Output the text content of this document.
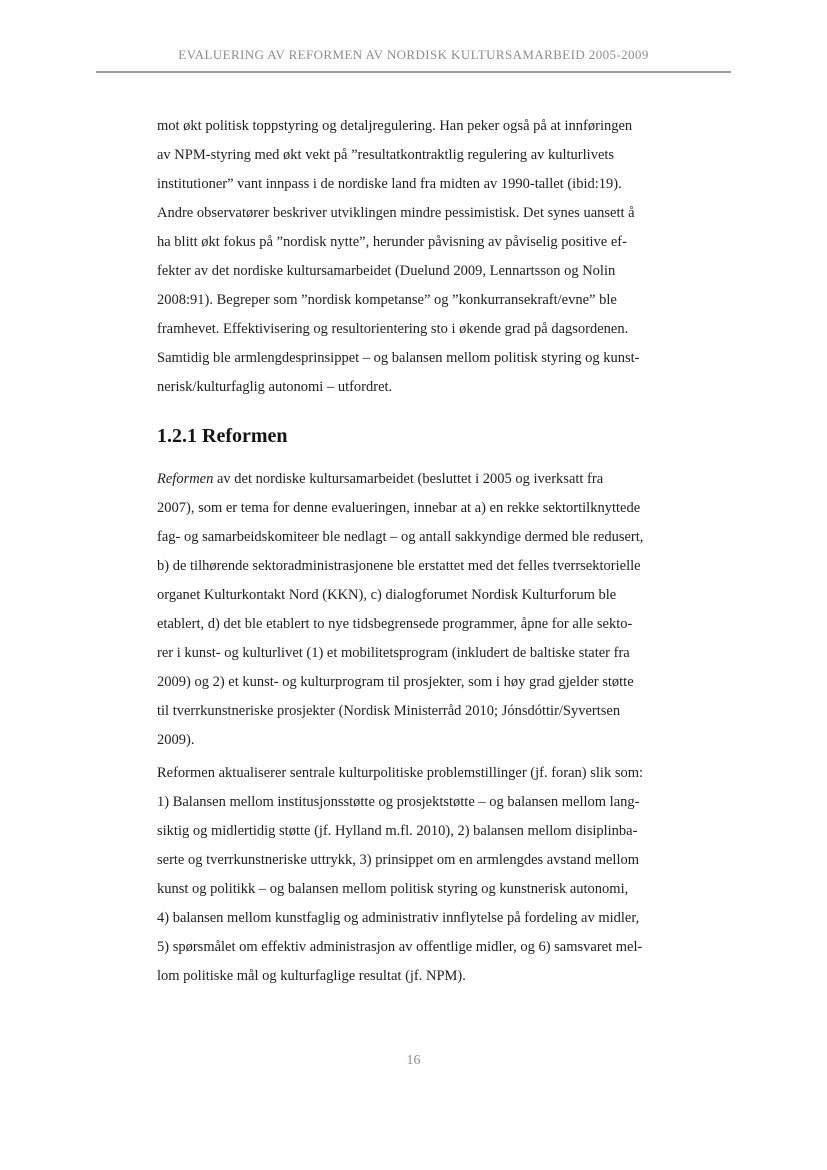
EVALUERING AV REFORMEN AV NORDISK KULTURSAMARBEID 2005-2009
mot økt politisk toppstyring og detaljregulering. Han peker også på at innføringen
av NPM-styring med økt vekt på ”resultatkontraktlig regulering av kulturlivets
institutioner” vant innpass i de nordiske land fra midten av 1990-tallet (ibid:19).
Andre observatører beskriver utviklingen mindre pessimistisk. Det synes uansett å
ha blitt økt fokus på ”nordisk nytte”, herunder påvisning av påviselig positive ef-
fekter av det nordiske kultursamarbeidet (Duelund 2009, Lennartsson og Nolin
2008:91). Begreper som ”nordisk kompetanse” og ”konkurransekraft/evne” ble
framhevet. Effektivisering og resultorientering sto i økende grad på dagsordenen.
Samtidig ble armlengdesprinsippet – og balansen mellom politisk styring og kunst-
nerisk/kulturfaglig autonomi – utfordret.
1.2.1 Reformen
Reformen av det nordiske kultursamarbeidet (besluttet i 2005 og iverksatt fra
2007), som er tema for denne evalueringen, innebar at a) en rekke sektortilknyttede
fag- og samarbeidskomiteer ble nedlagt – og antall sakkyndige dermed ble redusert,
b) de tilhørende sektoradministrasjonene ble erstattet med det felles tverrsektorielle
organet Kulturkontakt Nord (KKN), c) dialogforumet Nordisk Kulturforum ble
etablert, d) det ble etablert to nye tidsbegrensede programmer, åpne for alle sekto-
rer i kunst- og kulturlivet (1) et mobilitetsprogram (inkludert de baltiske stater fra
2009) og 2) et kunst- og kulturprogram til prosjekter, som i høy grad gjelder støtte
til tverrkunstneriske prosjekter (Nordisk Ministerråd 2010; Jónsdóttir/Syvertsen
2009).
Reformen aktualiserer sentrale kulturpolitiske problemstillinger (jf. foran) slik som:
1) Balansen mellom institusjonsstøtte og prosjektstøtte – og balansen mellom lang-
siktig og midlertidig støtte (jf. Hylland m.fl. 2010), 2) balansen mellom disiplinba-
serte og tverrkunstneriske uttrykk, 3) prinsippet om en armlengdes avstand mellom
kunst og politikk – og balansen mellom politisk styring og kunstnerisk autonomi,
4) balansen mellom kunstfaglig og administrativ innflytelse på fordeling av midler,
5) spørsmålet om effektiv administrasjon av offentlige midler, og 6) samsvaret mel-
lom politiske mål og kulturfaglige resultat (jf. NPM).
16
